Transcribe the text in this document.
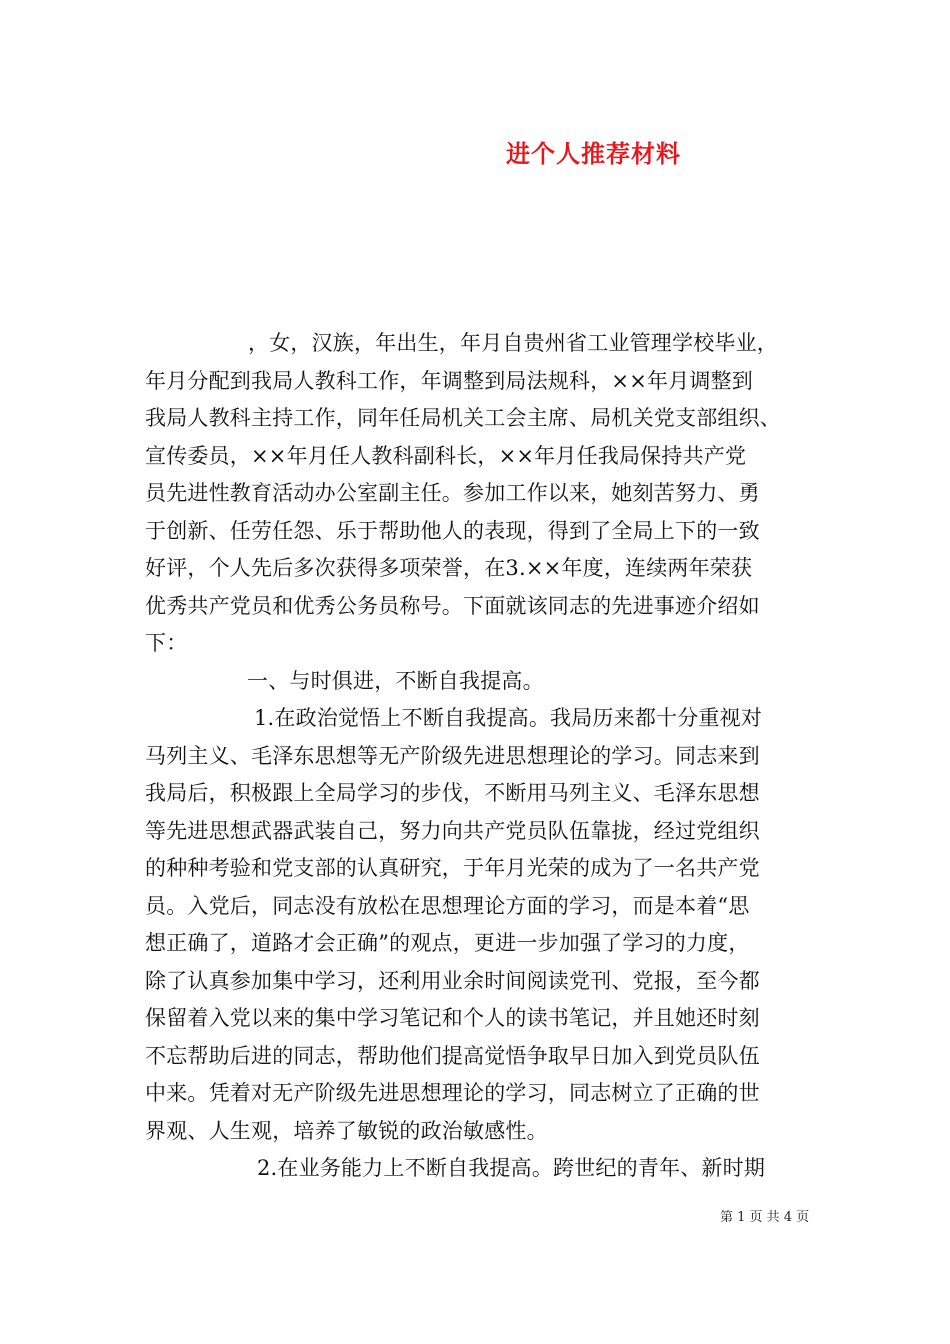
进个人推荐材料
，女，汉族，年出生，年月自贵州省工业管理学校毕业，
年月分配到我局人教科工作，年调整到局法规科，××年月调整到
我局人教科主持工作，同年任局机关工会主席、局机关党支部组织、
宣传委员，××年月任人教科副科长，××年月任我局保持共产党
员先进性教育活动办公室副主任。参加工作以来，她刻苦努力、勇
于创新、任劳任怨、乐于帮助他人的表现，得到了全局上下的一致
好评，个人先后多次获得多项荣誉，在3.××年度，连续两年荣获
优秀共产党员和优秀公务员称号。下面就该同志的先进事迹介绍如
下：
一、与时俱进，不断自我提高。
1.在政治觉悟上不断自我提高。我局历来都十分重视对
马列主义、毛泽东思想等无产阶级先进思想理论的学习。同志来到
我局后，积极跟上全局学习的步伐，不断用马列主义、毛泽东思想
等先进思想武器武装自己，努力向共产党员队伍靠拢，经过党组织
的种种考验和党支部的认真研究，于年月光荣的成为了一名共产党
员。入党后，同志没有放松在思想理论方面的学习，而是本着“思
想正确了，道路才会正确”的观点，更进一步加强了学习的力度，
除了认真参加集中学习，还利用业余时间阅读党刊、党报，至今都
保留着入党以来的集中学习笔记和个人的读书笔记，并且她还时刻
不忘帮助后进的同志，帮助他们提高觉悟争取早日加入到党员队伍
中来。凭着对无产阶级先进思想理论的学习，同志树立了正确的世
界观、人生观，培养了敏锐的政治敏感性。
2.在业务能力上不断自我提高。跨世纪的青年、新时期
第 1 页 共 4 页
